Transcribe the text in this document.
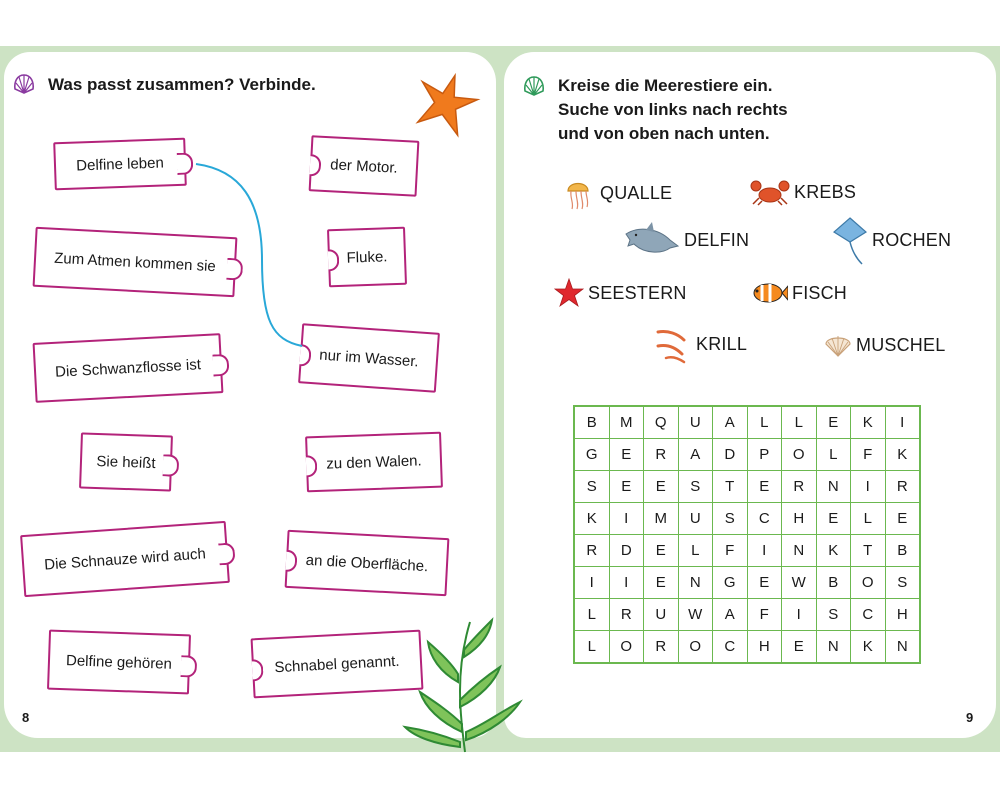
Was passt zusammen? Verbinde.
Delfine leben
Zum Atmen kommen sie
Die Schwanzflosse ist
Sie heißt
Die Schnauze wird auch
Delfine gehören
der Motor.
Fluke.
nur im Wasser.
zu den Walen.
an die Oberfläche.
Schnabel genannt.
8
Kreise die Meerestiere ein.
Suche von links nach rechts
und von oben nach unten.
QUALLE	KREBS
DELFIN	ROCHEN
SEESTERN	FISCH
KRILL	MUSCHEL
B	M	Q	U	A	L	L	E	K	I
G	E	R	A	D	P	O	L	F	K
S	E	E	S	T	E	R	N	I	R
K	I	M	U	S	C	H	E	L	E
R	D	E	L	F	I	N	K	T	B
I	I	E	N	G	E	W	B	O	S
L	R	U	W	A	F	I	S	C	H
L	O	R	O	C	H	E	N	K	N
9
